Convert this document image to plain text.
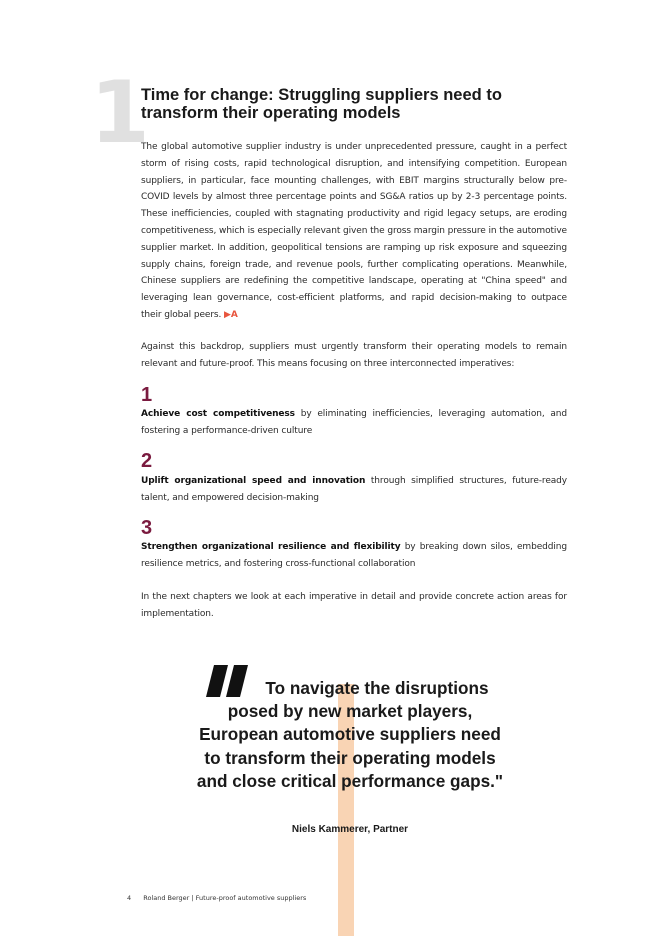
1
Time for change: Struggling suppliers need to transform their operating models

The global automotive supplier industry is under unprecedented pressure, caught in a perfect storm of rising costs, rapid technological disruption, and intensifying competition. European suppliers, in particular, face mounting challenges, with EBIT margins structurally below pre-COVID levels by almost three percentage points and SG&A ratios up by 2-3 percentage points. These inefficiencies, coupled with stagnating productivity and rigid legacy setups, are eroding competitiveness, which is especially relevant given the gross margin pressure in the automotive supplier market. In addition, geopolitical tensions are ramping up risk exposure and squeezing supply chains, foreign trade, and revenue pools, further complicating operations. Meanwhile, Chinese suppliers are redefining the competitive landscape, operating at "China speed" and leveraging lean governance, cost-efficient platforms, and rapid decision-making to outpace their global peers. ▶A

Against this backdrop, suppliers must urgently transform their operating models to remain relevant and future-proof. This means focusing on three interconnected imperatives:

1

Achieve cost competitiveness by eliminating inefficiencies, leveraging automation, and fostering a performance-driven culture

2

Uplift organizational speed and innovation through simplified structures, future-ready talent, and empowered decision-making

3

Strengthen organizational resilience and flexibility by breaking down silos, embedding resilience metrics, and fostering cross-functional collaboration

In the next chapters we look at each imperative in detail and provide concrete action areas for implementation.

To navigate the disruptions posed by new market players, European automotive suppliers need to transform their operating models and close critical performance gaps."

Niels Kammerer, Partner
4 Roland Berger | Future-proof automotive suppliers
